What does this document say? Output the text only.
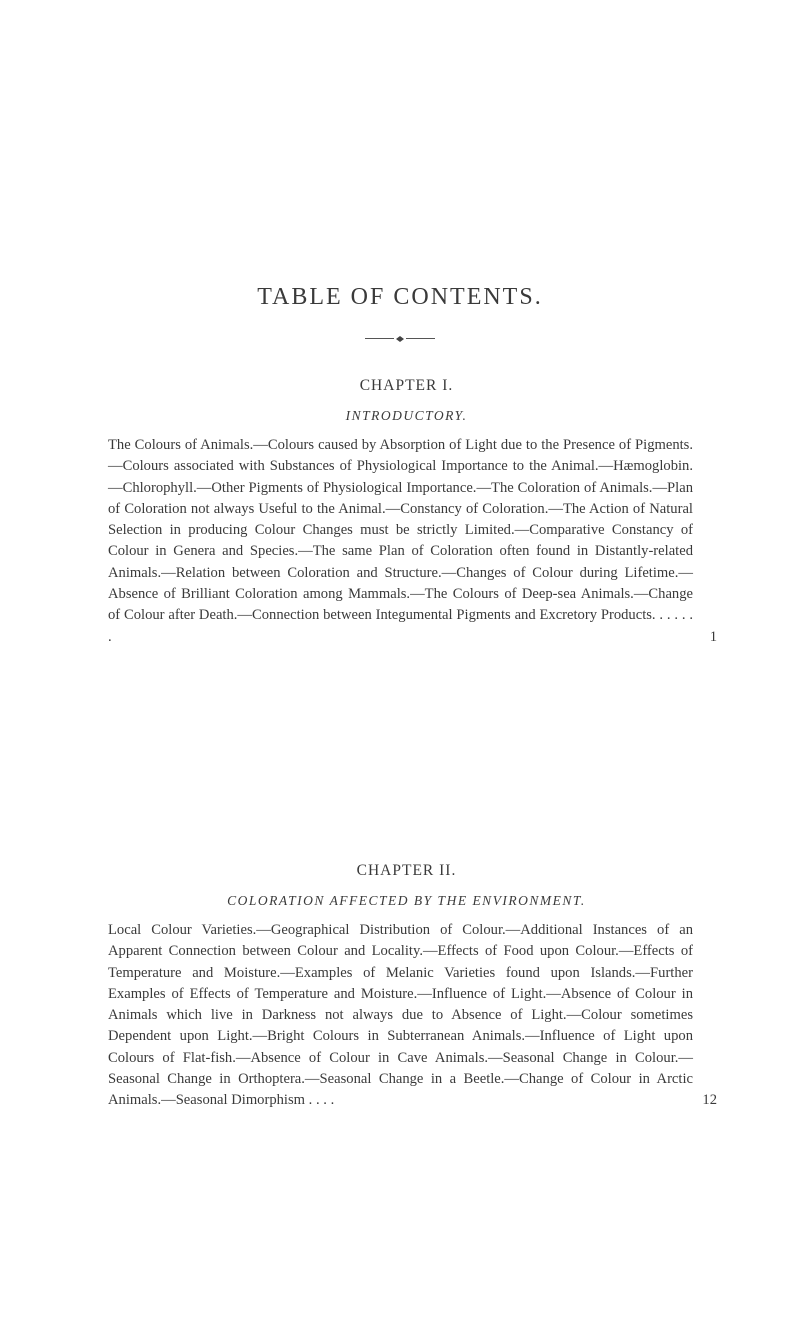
TABLE OF CONTENTS.
CHAPTER I.
INTRODUCTORY.
The Colours of Animals.—Colours caused by Absorption of Light due to the Presence of Pigments.—Colours associated with Substances of Physiological Importance to the Animal.—Hæmoglobin.—Chlorophyll.—Other Pigments of Physiological Importance.—The Coloration of Animals.—Plan of Coloration not always Useful to the Animal.—Constancy of Coloration.—The Action of Natural Selection in producing Colour Changes must be strictly Limited.—Comparative Constancy of Colour in Genera and Species.—The same Plan of Coloration often found in Distantly-related Animals.—Relation between Coloration and Structure.—Changes of Colour during Lifetime.—Absence of Brilliant Coloration among Mammals.—The Colours of Deep-sea Animals.—Change of Colour after Death.—Connection between Integumental Pigments and Excretory Products. . . . . . .	1
CHAPTER II.
COLORATION AFFECTED BY THE ENVIRONMENT.
Local Colour Varieties.—Geographical Distribution of Colour.—Additional Instances of an Apparent Connection between Colour and Locality.—Effects of Food upon Colour.—Effects of Temperature and Moisture.—Examples of Melanic Varieties found upon Islands.—Further Examples of Effects of Temperature and Moisture.—Influence of Light.—Absence of Colour in Animals which live in Darkness not always due to Absence of Light.—Colour sometimes Dependent upon Light.—Bright Colours in Subterranean Animals.—Influence of Light upon Colours of Flat-fish.—Absence of Colour in Cave Animals.—Seasonal Change in Colour.—Seasonal Change in Orthoptera.—Seasonal Change in a Beetle.—Change of Colour in Arctic Animals.—Seasonal Dimorphism . . . .	12
